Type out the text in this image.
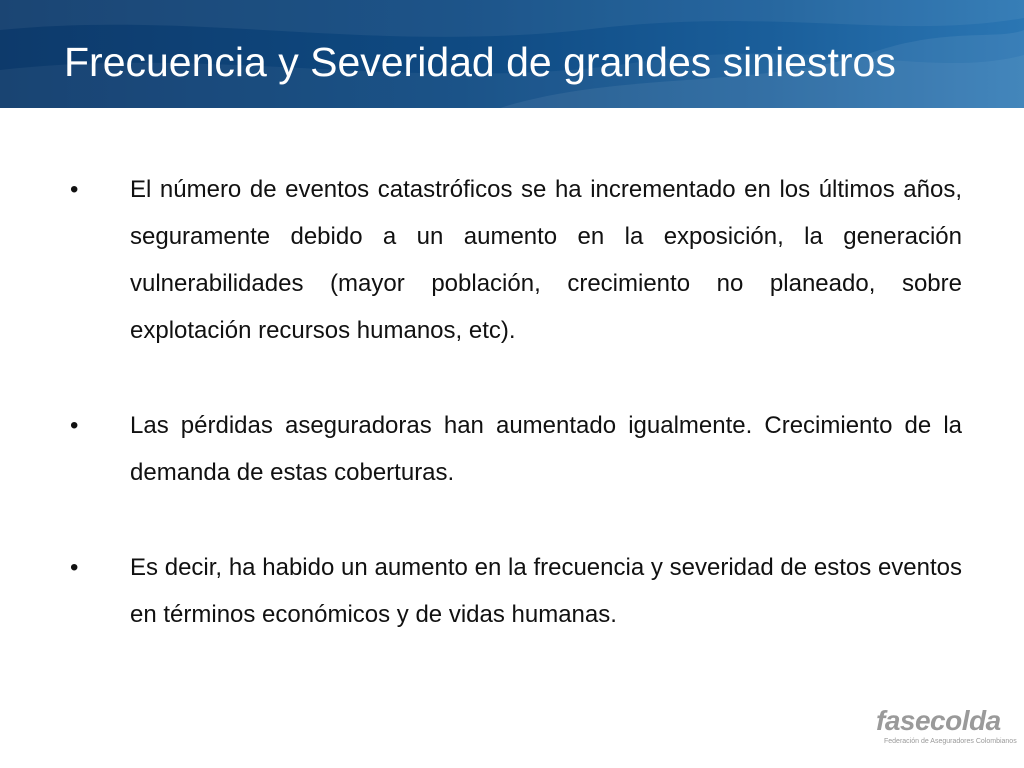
Frecuencia y Severidad de grandes siniestros
• El número de eventos catastróficos se ha incrementado en los últimos años, seguramente debido a un aumento en la exposición, la generación vulnerabilidades (mayor población, crecimiento no planeado, sobre explotación recursos humanos, etc).
• Las pérdidas aseguradoras han aumentado igualmente. Crecimiento de la demanda de estas coberturas.
• Es decir, ha habido un aumento en la frecuencia y severidad de estos eventos en términos económicos y de vidas humanas.
fasecolda
Federación de Aseguradores Colombianos
